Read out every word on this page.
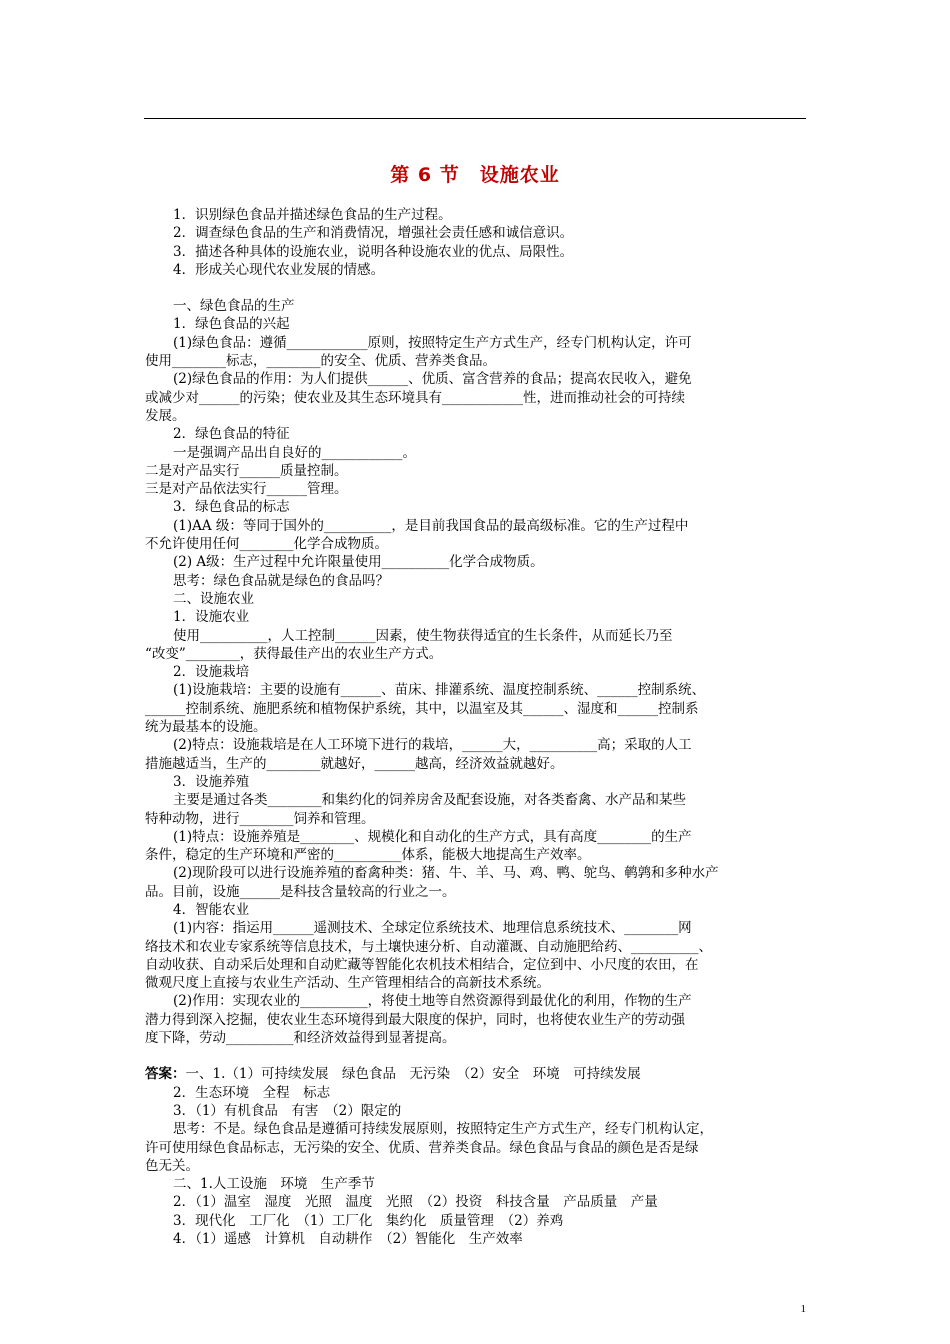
第 6 节　设施农业
1．识别绿色食品并描述绿色食品的生产过程。
2．调查绿色食品的生产和消费情况，增强社会责任感和诚信意识。
3．描述各种具体的设施农业，说明各种设施农业的优点、局限性。
4．形成关心现代农业发展的情感。
一、绿色食品的生产
1．绿色食品的兴起
(1)绿色食品：遵循____________原则，按照特定生产方式生产，经专门机构认定，许可
使用________标志，________的安全、优质、营养类食品。
(2)绿色食品的作用：为人们提供______、优质、富含营养的食品；提高农民收入，避免
或减少对______的污染；使农业及其生态环境具有____________性，进而推动社会的可持续
发展。
2．绿色食品的特征
一是强调产品出自良好的____________。
二是对产品实行______质量控制。
三是对产品依法实行______管理。
3．绿色食品的标志
(1)AA 级：等同于国外的__________，是目前我国食品的最高级标准。它的生产过程中
不允许使用任何________化学合成物质。
(2) A级：生产过程中允许限量使用__________化学合成物质。
思考：绿色食品就是绿色的食品吗？
二、设施农业
1．设施农业
使用__________，人工控制______因素，使生物获得适宜的生长条件，从而延长乃至
“改变”________，获得最佳产出的农业生产方式。
2．设施栽培
(1)设施栽培：主要的设施有______、苗床、排灌系统、温度控制系统、______控制系统、
______控制系统、施肥系统和植物保护系统，其中，以温室及其______、湿度和______控制系
统为最基本的设施。
(2)特点：设施栽培是在人工环境下进行的栽培，______大，__________高；采取的人工
措施越适当，生产的________就越好，______越高，经济效益就越好。
3．设施养殖
主要是通过各类________和集约化的饲养房舍及配套设施，对各类畜禽、水产品和某些
特种动物，进行________饲养和管理。
(1)特点：设施养殖是________、规模化和自动化的生产方式，具有高度________的生产
条件，稳定的生产环境和严密的__________体系，能极大地提高生产效率。
(2)现阶段可以进行设施养殖的畜禽种类：猪、牛、羊、马、鸡、鸭、鸵鸟、鹌鹑和多种水产
品。目前，设施______是科技含量较高的行业之一。
4．智能农业
(1)内容：指运用______遥测技术、全球定位系统技术、地理信息系统技术、________网
络技术和农业专家系统等信息技术，与土壤快速分析、自动灌溉、自动施肥给药、__________、
自动收获、自动采后处理和自动贮藏等智能化农机技术相结合，定位到中、小尺度的农田，在
微观尺度上直接与农业生产活动、生产管理相结合的高新技术系统。
(2)作用：实现农业的__________，将使土地等自然资源得到最优化的利用，作物的生产
潜力得到深入挖掘，使农业生态环境得到最大限度的保护，同时，也将使农业生产的劳动强
度下降，劳动__________和经济效益得到显著提高。
答案：一、1.（1）可持续发展　绿色食品　无污染　（2）安全　环境　可持续发展
2．生态环境　全程　标志
3．（1）有机食品　有害　（2）限定的
思考：不是。绿色食品是遵循可持续发展原则，按照特定生产方式生产，经专门机构认定，
许可使用绿色食品标志，无污染的安全、优质、营养类食品。绿色食品与食品的颜色是否是绿
色无关。
二、1.人工设施　环境　生产季节
2．（1）温室　湿度　光照　温度　光照　（2）投资　科技含量　产品质量　产量
3．现代化　工厂化　（1）工厂化　集约化　质量管理　（2）养鸡
4．（1）遥感　计算机　自动耕作　（2）智能化　生产效率
1
